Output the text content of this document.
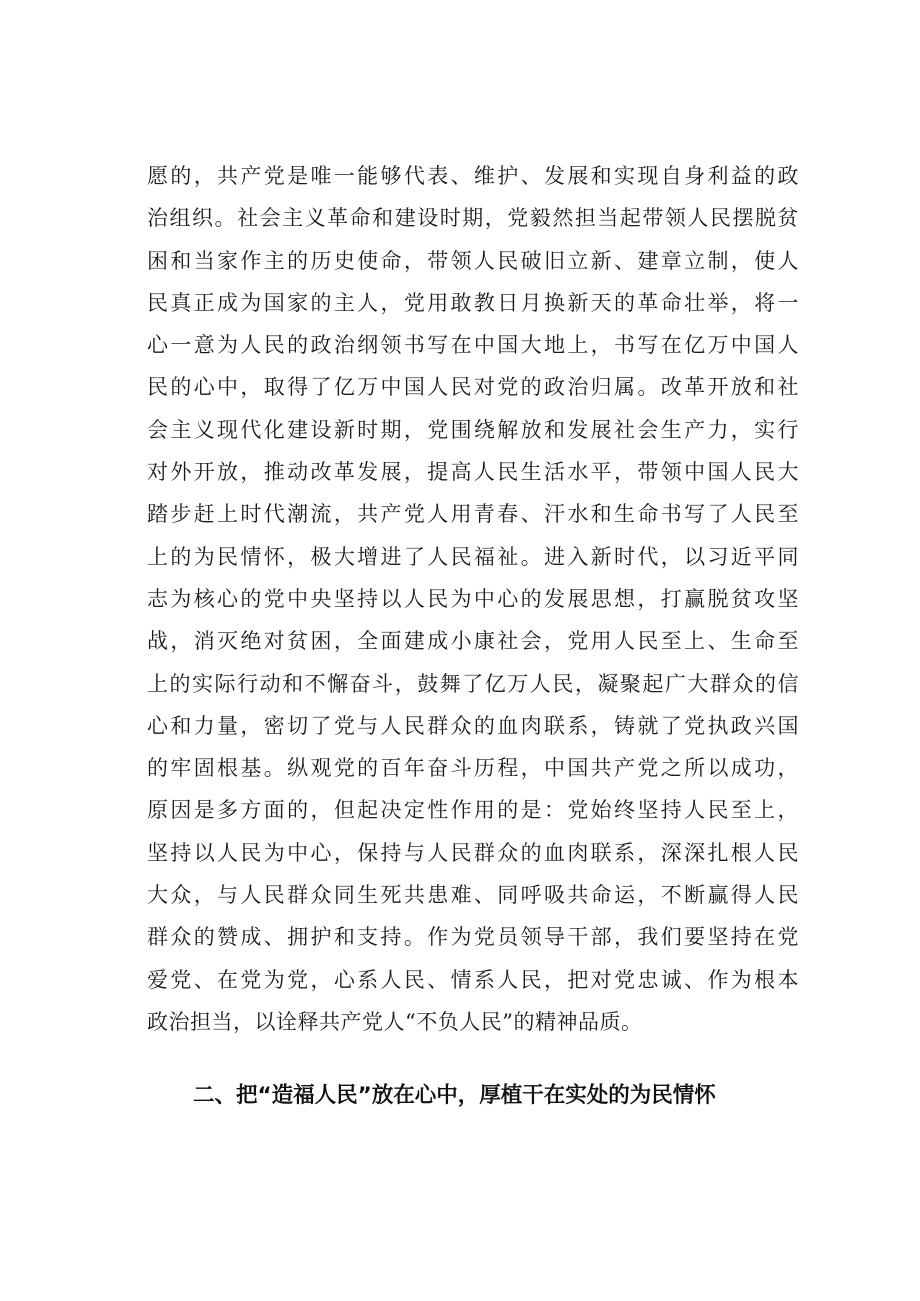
愿的，共产党是唯一能够代表、维护、发展和实现自身利益的政
治组织。社会主义革命和建设时期，党毅然担当起带领人民摆脱贫
困和当家作主的历史使命，带领人民破旧立新、建章立制，使人
民真正成为国家的主人，党用敢教日月换新天的革命壮举，将一
心一意为人民的政治纲领书写在中国大地上，书写在亿万中国人
民的心中，取得了亿万中国人民对党的政治归属。改革开放和社
会主义现代化建设新时期，党围绕解放和发展社会生产力，实行
对外开放，推动改革发展，提高人民生活水平，带领中国人民大
踏步赶上时代潮流，共产党人用青春、汗水和生命书写了人民至
上的为民情怀，极大增进了人民福祉。进入新时代，以习近平同
志为核心的党中央坚持以人民为中心的发展思想，打赢脱贫攻坚
战，消灭绝对贫困，全面建成小康社会，党用人民至上、生命至
上的实际行动和不懈奋斗，鼓舞了亿万人民，凝聚起广大群众的信
心和力量，密切了党与人民群众的血肉联系，铸就了党执政兴国
的牢固根基。纵观党的百年奋斗历程，中国共产党之所以成功，
原因是多方面的，但起决定性作用的是：党始终坚持人民至上，
坚持以人民为中心，保持与人民群众的血肉联系，深深扎根人民
大众，与人民群众同生死共患难、同呼吸共命运，不断赢得人民
群众的赞成、拥护和支持。作为党员领导干部，我们要坚持在党
爱党、在党为党，心系人民、情系人民，把对党忠诚、作为根本
政治担当，以诠释共产党人“不负人民”的精神品质。
二、把“造福人民”放在心中，厚植干在实处的为民情怀
